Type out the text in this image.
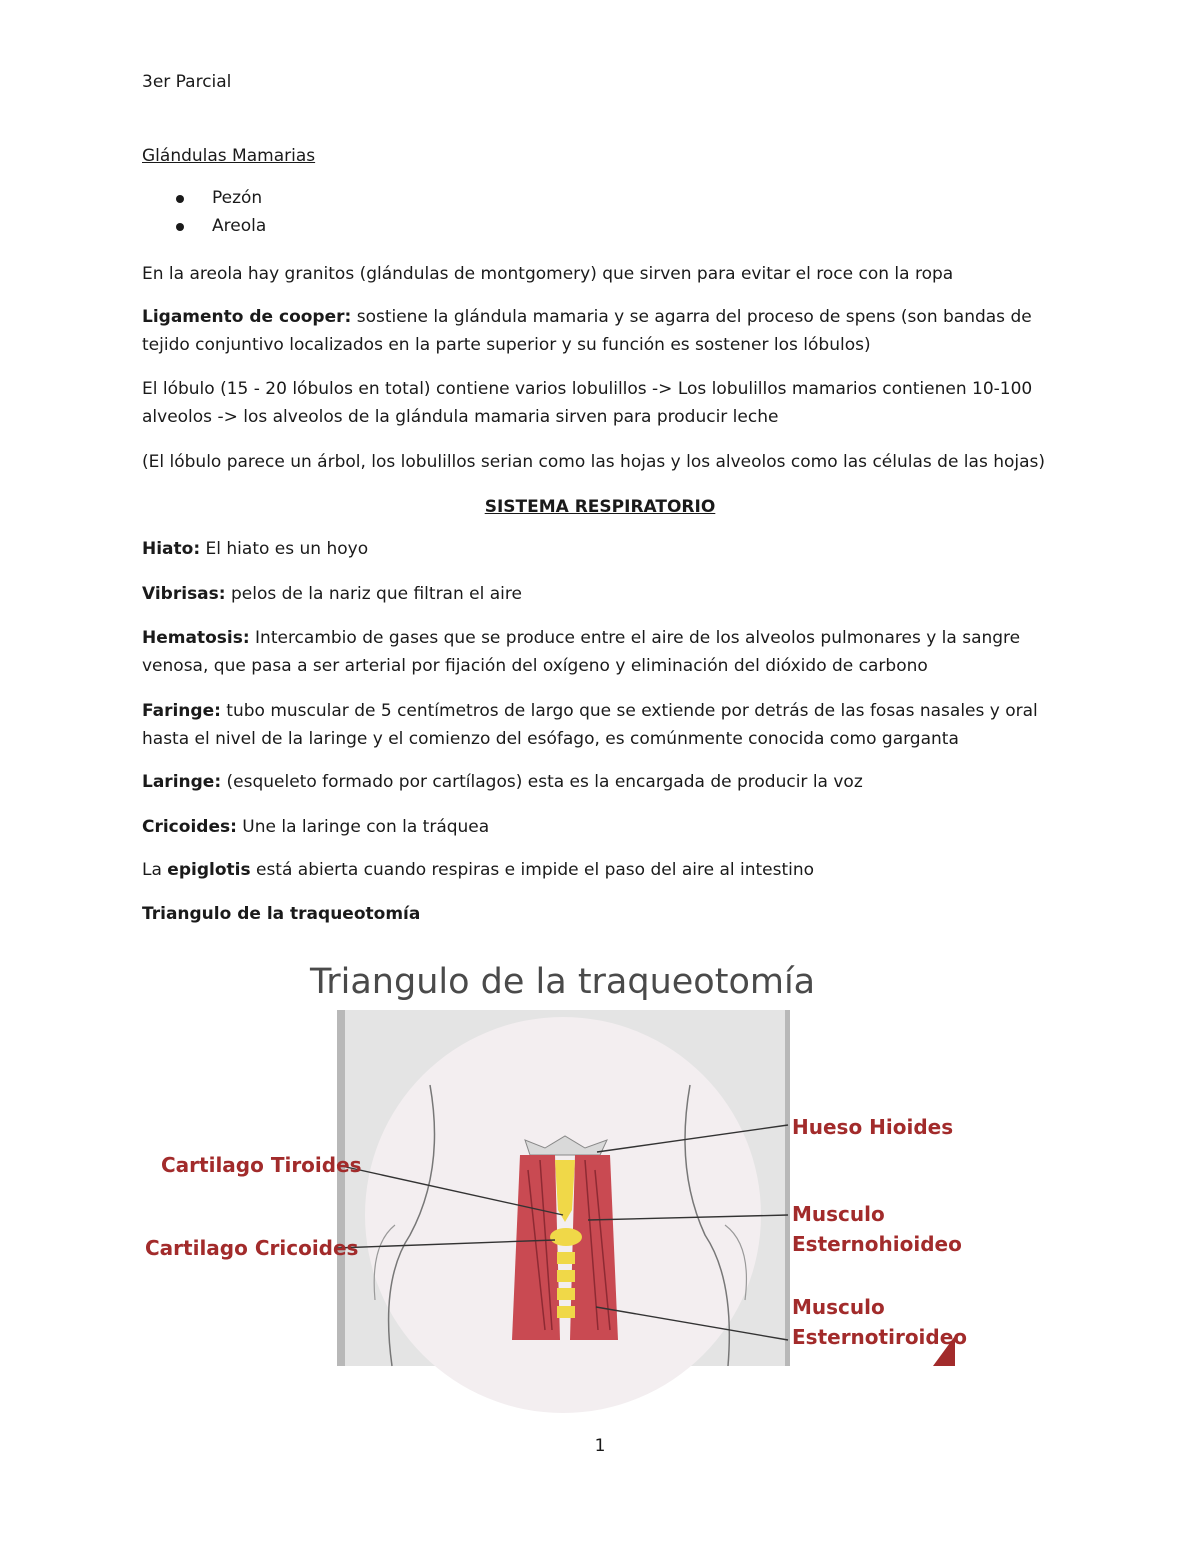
3er Parcial
Glándulas Mamarias
Pezón
Areola
En la areola hay granitos (glándulas de montgomery) que sirven para evitar el roce con la ropa
Ligamento de cooper: sostiene la glándula mamaria y se agarra del proceso de spens (son bandas de
tejido conjuntivo localizados en la parte superior y su función es sostener los lóbulos)
El lóbulo (15 - 20 lóbulos en total) contiene varios lobulillos -> Los lobulillos mamarios contienen 10-100
alveolos -> los alveolos de la glándula mamaria sirven para producir leche
(El lóbulo parece un árbol, los lobulillos serian como las hojas y los alveolos como las células de las hojas)
SISTEMA RESPIRATORIO
Hiato: El hiato es un hoyo
Vibrisas: pelos de la nariz que filtran el aire
Hematosis: Intercambio de gases que se produce entre el aire de los alveolos pulmonares y la sangre
venosa, que pasa a ser arterial por fijación del oxígeno y eliminación del dióxido de carbono
Faringe: tubo muscular de 5 centímetros de largo que se extiende por detrás de las fosas nasales y oral
hasta el nivel de la laringe y el comienzo del esófago, es comúnmente conocida como garganta
Laringe: (esqueleto formado por cartílagos) esta es la encargada de producir la voz
Cricoides: Une la laringe con la tráquea
La epiglotis está abierta cuando respiras e impide el paso del aire al intestino
Triangulo de la traqueotomía
Triangulo de la traqueotomía
Cartilago Tiroides
Cartilago Cricoides
Hueso Hioides
Musculo
Esternohioideo
Musculo
Esternotiroideo
1
